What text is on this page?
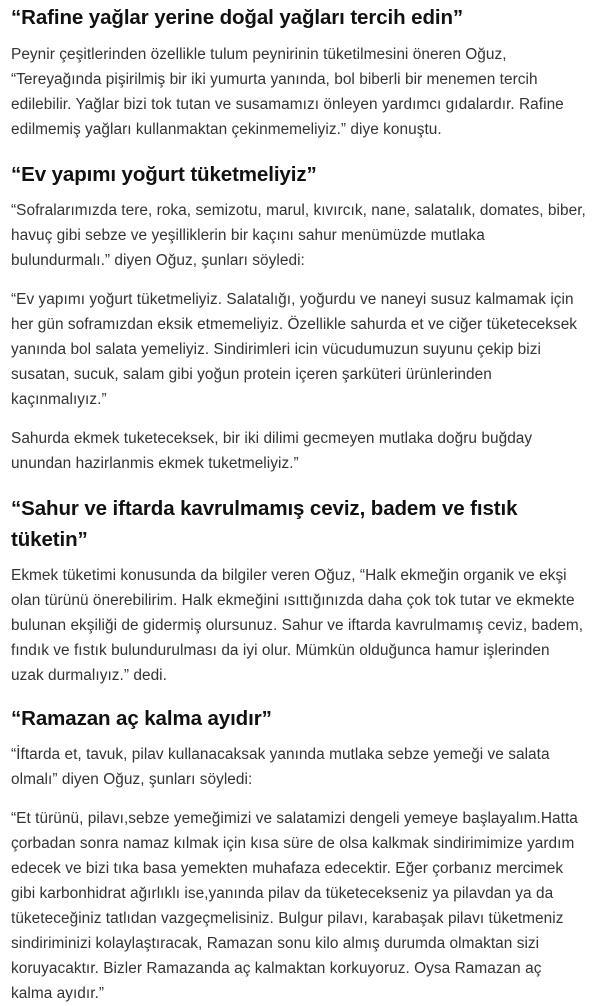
“Rafine yağlar yerine doğal yağları tercih edin”

Peynir çeşitlerinden özellikle tulum peynirinin tüketilmesini öneren Oğuz, “Tereyağında pişirilmiş bir iki yumurta yanında, bol biberli bir menemen tercih edilebilir. Yağlar bizi tok tutan ve susamamızı önleyen yardımcı gıdalardır. Rafine edilmemiş yağları kullanmaktan çekinmemeliyiz.” diye konuştu.

“Ev yapımı yoğurt tüketmeliyiz”

“Sofralarımızda tere, roka, semizotu, marul, kıvırcık, nane, salatalık, domates, biber, havuç gibi sebze ve yeşilliklerin bir kaçını sahur menümüzde mutlaka bulundurmalı.” diyen Oğuz, şunları söyledi:

“Ev yapımı yoğurt tüketmeliyiz. Salatalığı, yoğurdu ve naneyi susuz kalmamak için her gün soframızdan eksik etmemeliyiz. Özellikle sahurda et ve ciğer tüketeceksek yanında bol salata yemeliyiz. Sindirimleri icin vücudumuzun suyunu çekip bizi susatan, sucuk, salam gibi yoğun protein içeren şarküteri ürünlerinden kaçınmalıyız.”

Sahurda ekmek tuketeceksek, bir iki dilimi gecmeyen mutlaka doğru buğday unundan hazirlanmis ekmek tuketmeliyiz.”

“Sahur ve iftarda kavrulmamış ceviz, badem ve fıstık tüketin”

Ekmek tüketimi konusunda da bilgiler veren Oğuz, “Halk ekmeğin organik ve ekşi olan türünü önerebilirim. Halk ekmeğini ısıttığınızda daha çok tok tutar ve ekmekte bulunan ekşiliği de gidermiş olursunuz. Sahur ve iftarda kavrulmamış ceviz, badem, fındık ve fıstık bulundurulması da iyi olur. Mümkün olduğunca hamur işlerinden uzak durmalıyız.” dedi.

“Ramazan aç kalma ayıdır”

“İftarda et, tavuk, pilav kullanacaksak yanında mutlaka sebze yemeği ve salata olmalı” diyen Oğuz, şunları söyledi:

“Et türünü, pilavı,sebze yemeğimizi ve salatamizi dengeli yemeye başlayalım.Hatta çorbadan sonra namaz kılmak için kısa süre de olsa kalkmak sindirimimize yardım edecek ve bizi tıka basa yemekten muhafaza edecektir. Eğer çorbanız mercimek gibi karbonhidrat ağırlıklı ise,yanında pilav da tüketecekseniz ya pilavdan ya da tüketeceğiniz tatlıdan vazgeçmelisiniz. Bulgur pilavı, karabaşak pilavı tüketmeniz sindiriminizi kolaylaştıracak, Ramazan sonu kilo almış durumda olmaktan sizi koruyacaktır. Bizler Ramazanda aç kalmaktan korkuyoruz. Oysa Ramazan aç kalma ayıdır.”
